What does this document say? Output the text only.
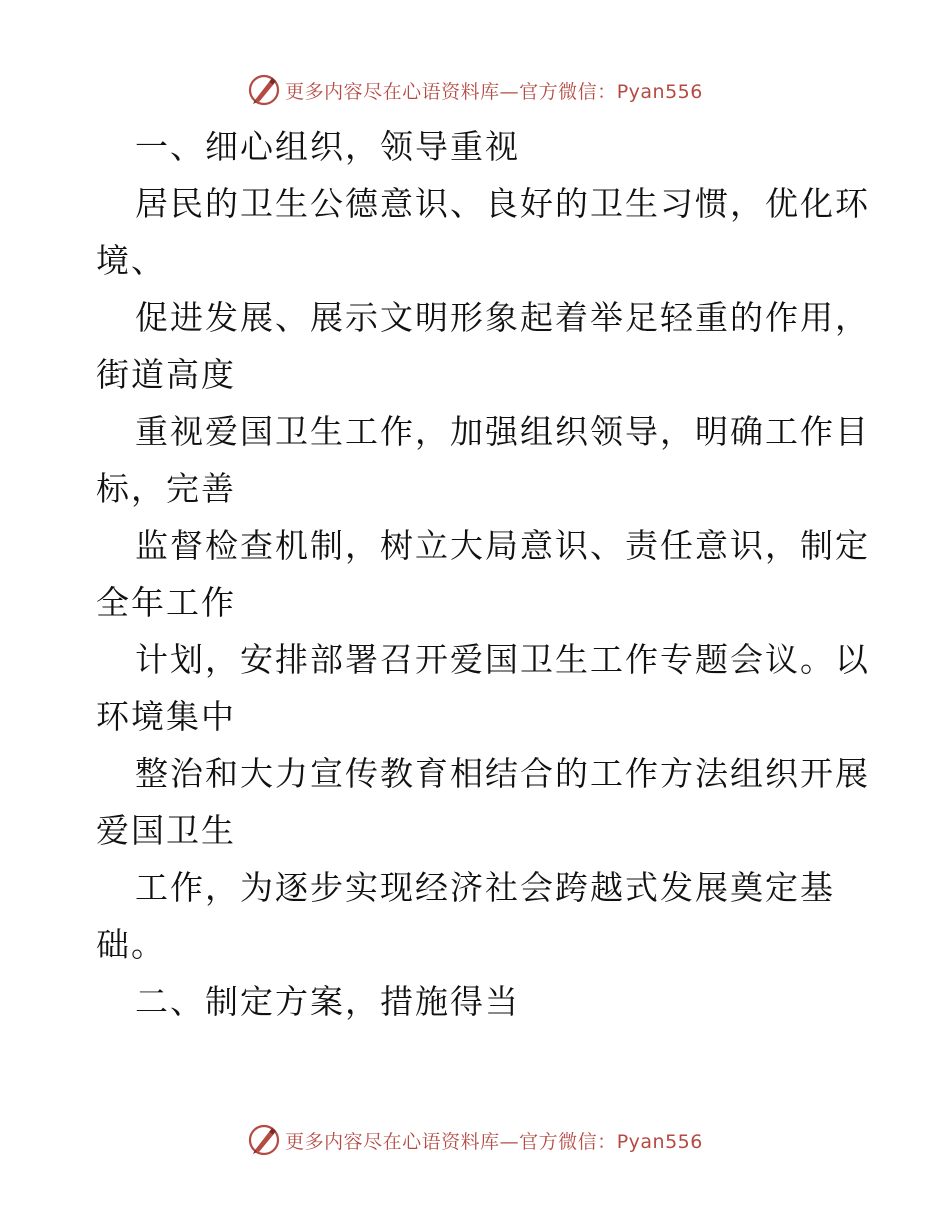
更多内容尽在心语资料库—官方微信：Pyan556
一、细心组织，领导重视
居民的卫生公德意识、良好的卫生习惯，优化环
境、
促进发展、展示文明形象起着举足轻重的作用，
街道高度
重视爱国卫生工作，加强组织领导，明确工作目
标，完善
监督检查机制，树立大局意识、责任意识，制定
全年工作
计划，安排部署召开爱国卫生工作专题会议。以
环境集中
整治和大力宣传教育相结合的工作方法组织开展
爱国卫生
工作，为逐步实现经济社会跨越式发展奠定基
础。
二、制定方案，措施得当
更多内容尽在心语资料库—官方微信：Pyan556
